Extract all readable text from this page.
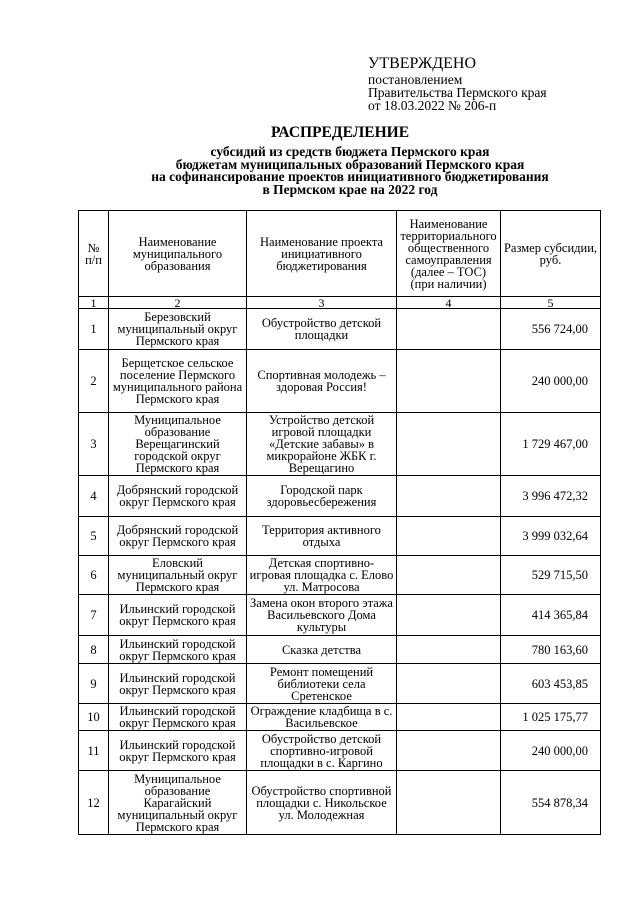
УТВЕРЖДЕНО
постановлением
Правительства Пермского края
от 18.03.2022 № 206-п
РАСПРЕДЕЛЕНИЕ
субсидий из средств бюджета Пермского края
бюджетам муниципальных образований Пермского края
на софинансирование проектов инициативного бюджетирования
в Пермском крае на 2022 год
№ п/п	Наименование муниципального образования	Наименование проекта инициативного бюджетирования	Наименование территориального общественного самоуправления (далее – ТОС) (при наличии)	Размер субсидии, руб.
1	2	3	4	5
1	Березовский муниципальный округ Пермского края	Обустройство детской площадки		556 724,00
2	Берщетское сельское поселение Пермского муниципального района Пермского края	Спортивная молодежь – здоровая Россия!		240 000,00
3	Муниципальное образование Верещагинский городской округ Пермского края	Устройство детской игровой площадки «Детские забавы» в микрорайоне ЖБК г. Верещагино		1 729 467,00
4	Добрянский городской округ Пермского края	Городской парк здоровьесбережения		3 996 472,32
5	Добрянский городской округ Пермского края	Территория активного отдыха		3 999 032,64
6	Еловский муниципальный округ Пермского края	Детская спортивно-игровая площадка с. Елово ул. Матросова		529 715,50
7	Ильинский городской округ Пермского края	Замена окон второго этажа Васильевского Дома культуры		414 365,84
8	Ильинский городской округ Пермского края	Сказка детства		780 163,60
9	Ильинский городской округ Пермского края	Ремонт помещений библиотеки села Сретенское		603 453,85
10	Ильинский городской округ Пермского края	Ограждение кладбища в с. Васильевское		1 025 175,77
11	Ильинский городской округ Пермского края	Обустройство детской спортивно-игровой площадки в с. Каргино		240 000,00
12	Муниципальное образование Карагайский муниципальный округ Пермского края	Обустройство спортивной площадки с. Никольское ул. Молодежная		554 878,34
